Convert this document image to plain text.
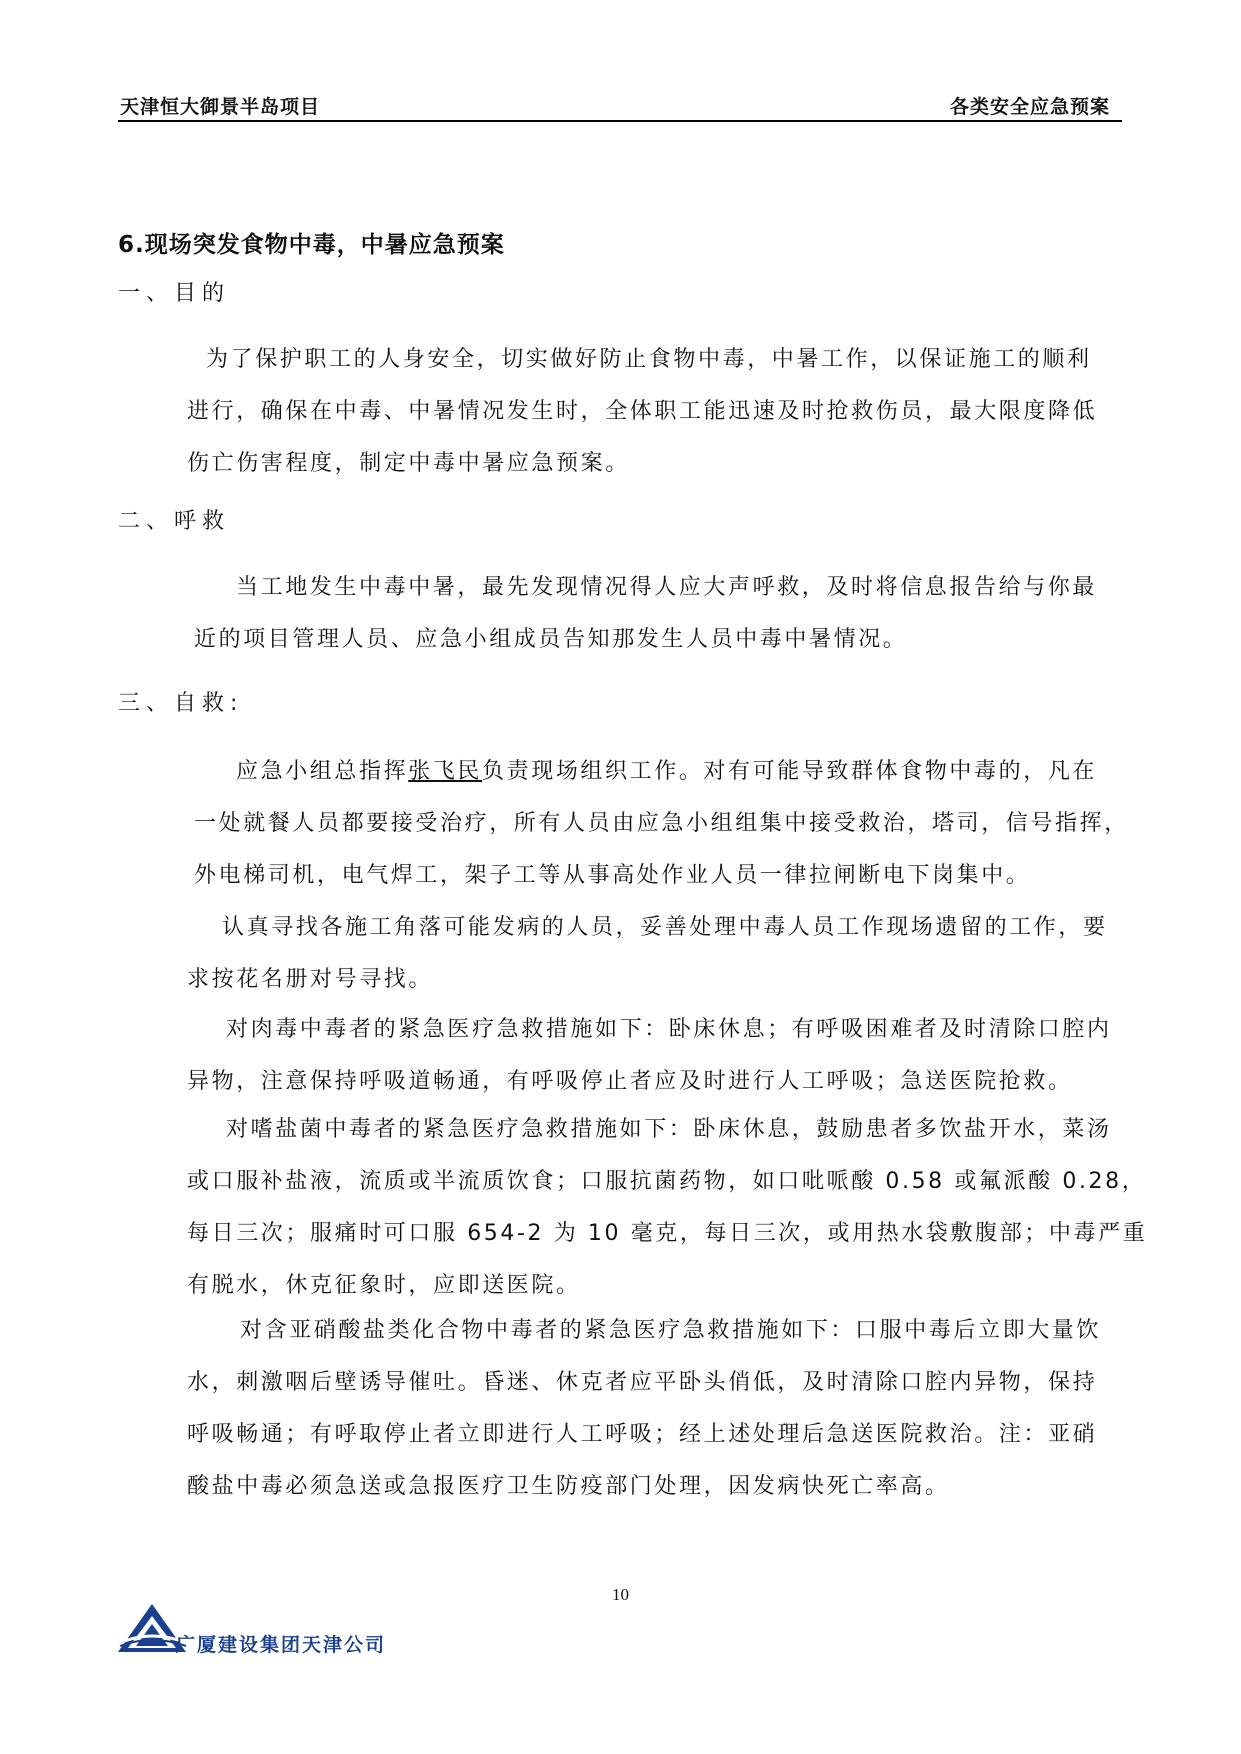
天津恒大御景半岛项目	各类安全应急预案
6.现场突发食物中毒，中暑应急预案
一、目的

为了保护职工的人身安全，切实做好防止食物中毒，中暑工作，以保证施工的顺利
进行，确保在中毒、中暑情况发生时，全体职工能迅速及时抢救伤员，最大限度降低
伤亡伤害程度，制定中毒中暑应急预案。

二、呼救

当工地发生中毒中暑，最先发现情况得人应大声呼救，及时将信息报告给与你最
近的项目管理人员、应急小组成员告知那发生人员中毒中暑情况。

三、自救:

应急小组总指挥张飞民负责现场组织工作。对有可能导致群体食物中毒的，凡在
一处就餐人员都要接受治疗，所有人员由应急小组组集中接受救治，塔司，信号指挥，
外电梯司机，电气焊工，架子工等从事高处作业人员一律拉闸断电下岗集中。

认真寻找各施工角落可能发病的人员，妥善处理中毒人员工作现场遗留的工作，要
求按花名册对号寻找。

对肉毒中毒者的紧急医疗急救措施如下：卧床休息；有呼吸困难者及时清除口腔内
异物，注意保持呼吸道畅通，有呼吸停止者应及时进行人工呼吸；急送医院抢救。

对嗜盐菌中毒者的紧急医疗急救措施如下：卧床休息，鼓励患者多饮盐开水，菜汤
或口服补盐液，流质或半流质饮食；口服抗菌药物，如口吡哌酸 0.58 或氟派酸 0.28，
每日三次；服痛时可口服 654-2 为 10 毫克，每日三次，或用热水袋敷腹部；中毒严重
有脱水，休克征象时，应即送医院。

对含亚硝酸盐类化合物中毒者的紧急医疗急救措施如下：口服中毒后立即大量饮
水，刺激咽后壁诱导催吐。昏迷、休克者应平卧头俏低，及时清除口腔内异物，保持
呼吸畅通；有呼取停止者立即进行人工呼吸；经上述处理后急送医院救治。注：亚硝
酸盐中毒必须急送或急报医疗卫生防疫部门处理，因发病快死亡率高。

10
广厦建设集团天津公司
